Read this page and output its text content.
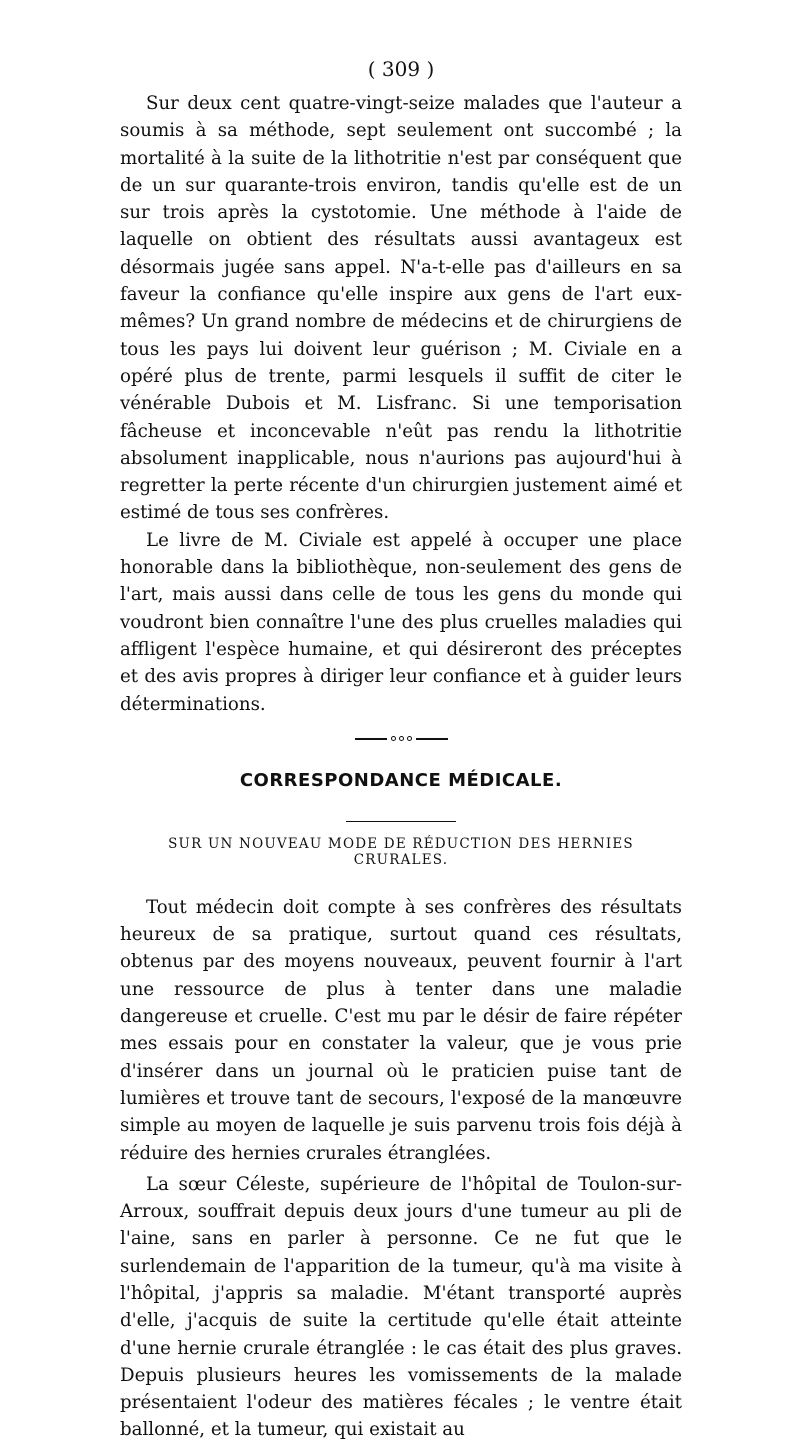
( 309 )

Sur deux cent quatre-vingt-seize malades que l'auteur a soumis à sa méthode, sept seulement ont succombé ; la mortalité à la suite de la lithotritie n'est par conséquent que de un sur quarante-trois environ, tandis qu'elle est de un sur trois après la cystotomie. Une méthode à l'aide de laquelle on obtient des résultats aussi avantageux est désormais jugée sans appel. N'a-t-elle pas d'ailleurs en sa faveur la confiance qu'elle inspire aux gens de l'art eux-mêmes? Un grand nombre de médecins et de chirurgiens de tous les pays lui doivent leur guérison ; M. Civiale en a opéré plus de trente, parmi lesquels il suffit de citer le vénérable Dubois et M. Lisfranc. Si une temporisation fâcheuse et inconcevable n'eût pas rendu la lithotritie absolument inapplicable, nous n'aurions pas aujourd'hui à regretter la perte récente d'un chirurgien justement aimé et estimé de tous ses confrères.

Le livre de M. Civiale est appelé à occuper une place honorable dans la bibliothèque, non-seulement des gens de l'art, mais aussi dans celle de tous les gens du monde qui voudront bien connaître l'une des plus cruelles maladies qui affligent l'espèce humaine, et qui désireront des préceptes et des avis propres à diriger leur confiance et à guider leurs déterminations.

CORRESPONDANCE MÉDICALE.
SUR UN NOUVEAU MODE DE RÉDUCTION DES HERNIES CRURALES.

Tout médecin doit compte à ses confrères des résultats heureux de sa pratique, surtout quand ces résultats, obtenus par des moyens nouveaux, peuvent fournir à l'art une ressource de plus à tenter dans une maladie dangereuse et cruelle. C'est mu par le désir de faire répéter mes essais pour en constater la valeur, que je vous prie d'insérer dans un journal où le praticien puise tant de lumières et trouve tant de secours, l'exposé de la manœuvre simple au moyen de laquelle je suis parvenu trois fois déjà à réduire des hernies crurales étranglées.

La sœur Céleste, supérieure de l'hôpital de Toulon-sur-Arroux, souffrait depuis deux jours d'une tumeur au pli de l'aine, sans en parler à personne. Ce ne fut que le surlendemain de l'apparition de la tumeur, qu'à ma visite à l'hôpital, j'appris sa maladie. M'étant transporté auprès d'elle, j'acquis de suite la certitude qu'elle était atteinte d'une hernie crurale étranglée : le cas était des plus graves. Depuis plusieurs heures les vomissements de la malade présentaient l'odeur des matières fécales ; le ventre était ballonné, et la tumeur, qui existait au
